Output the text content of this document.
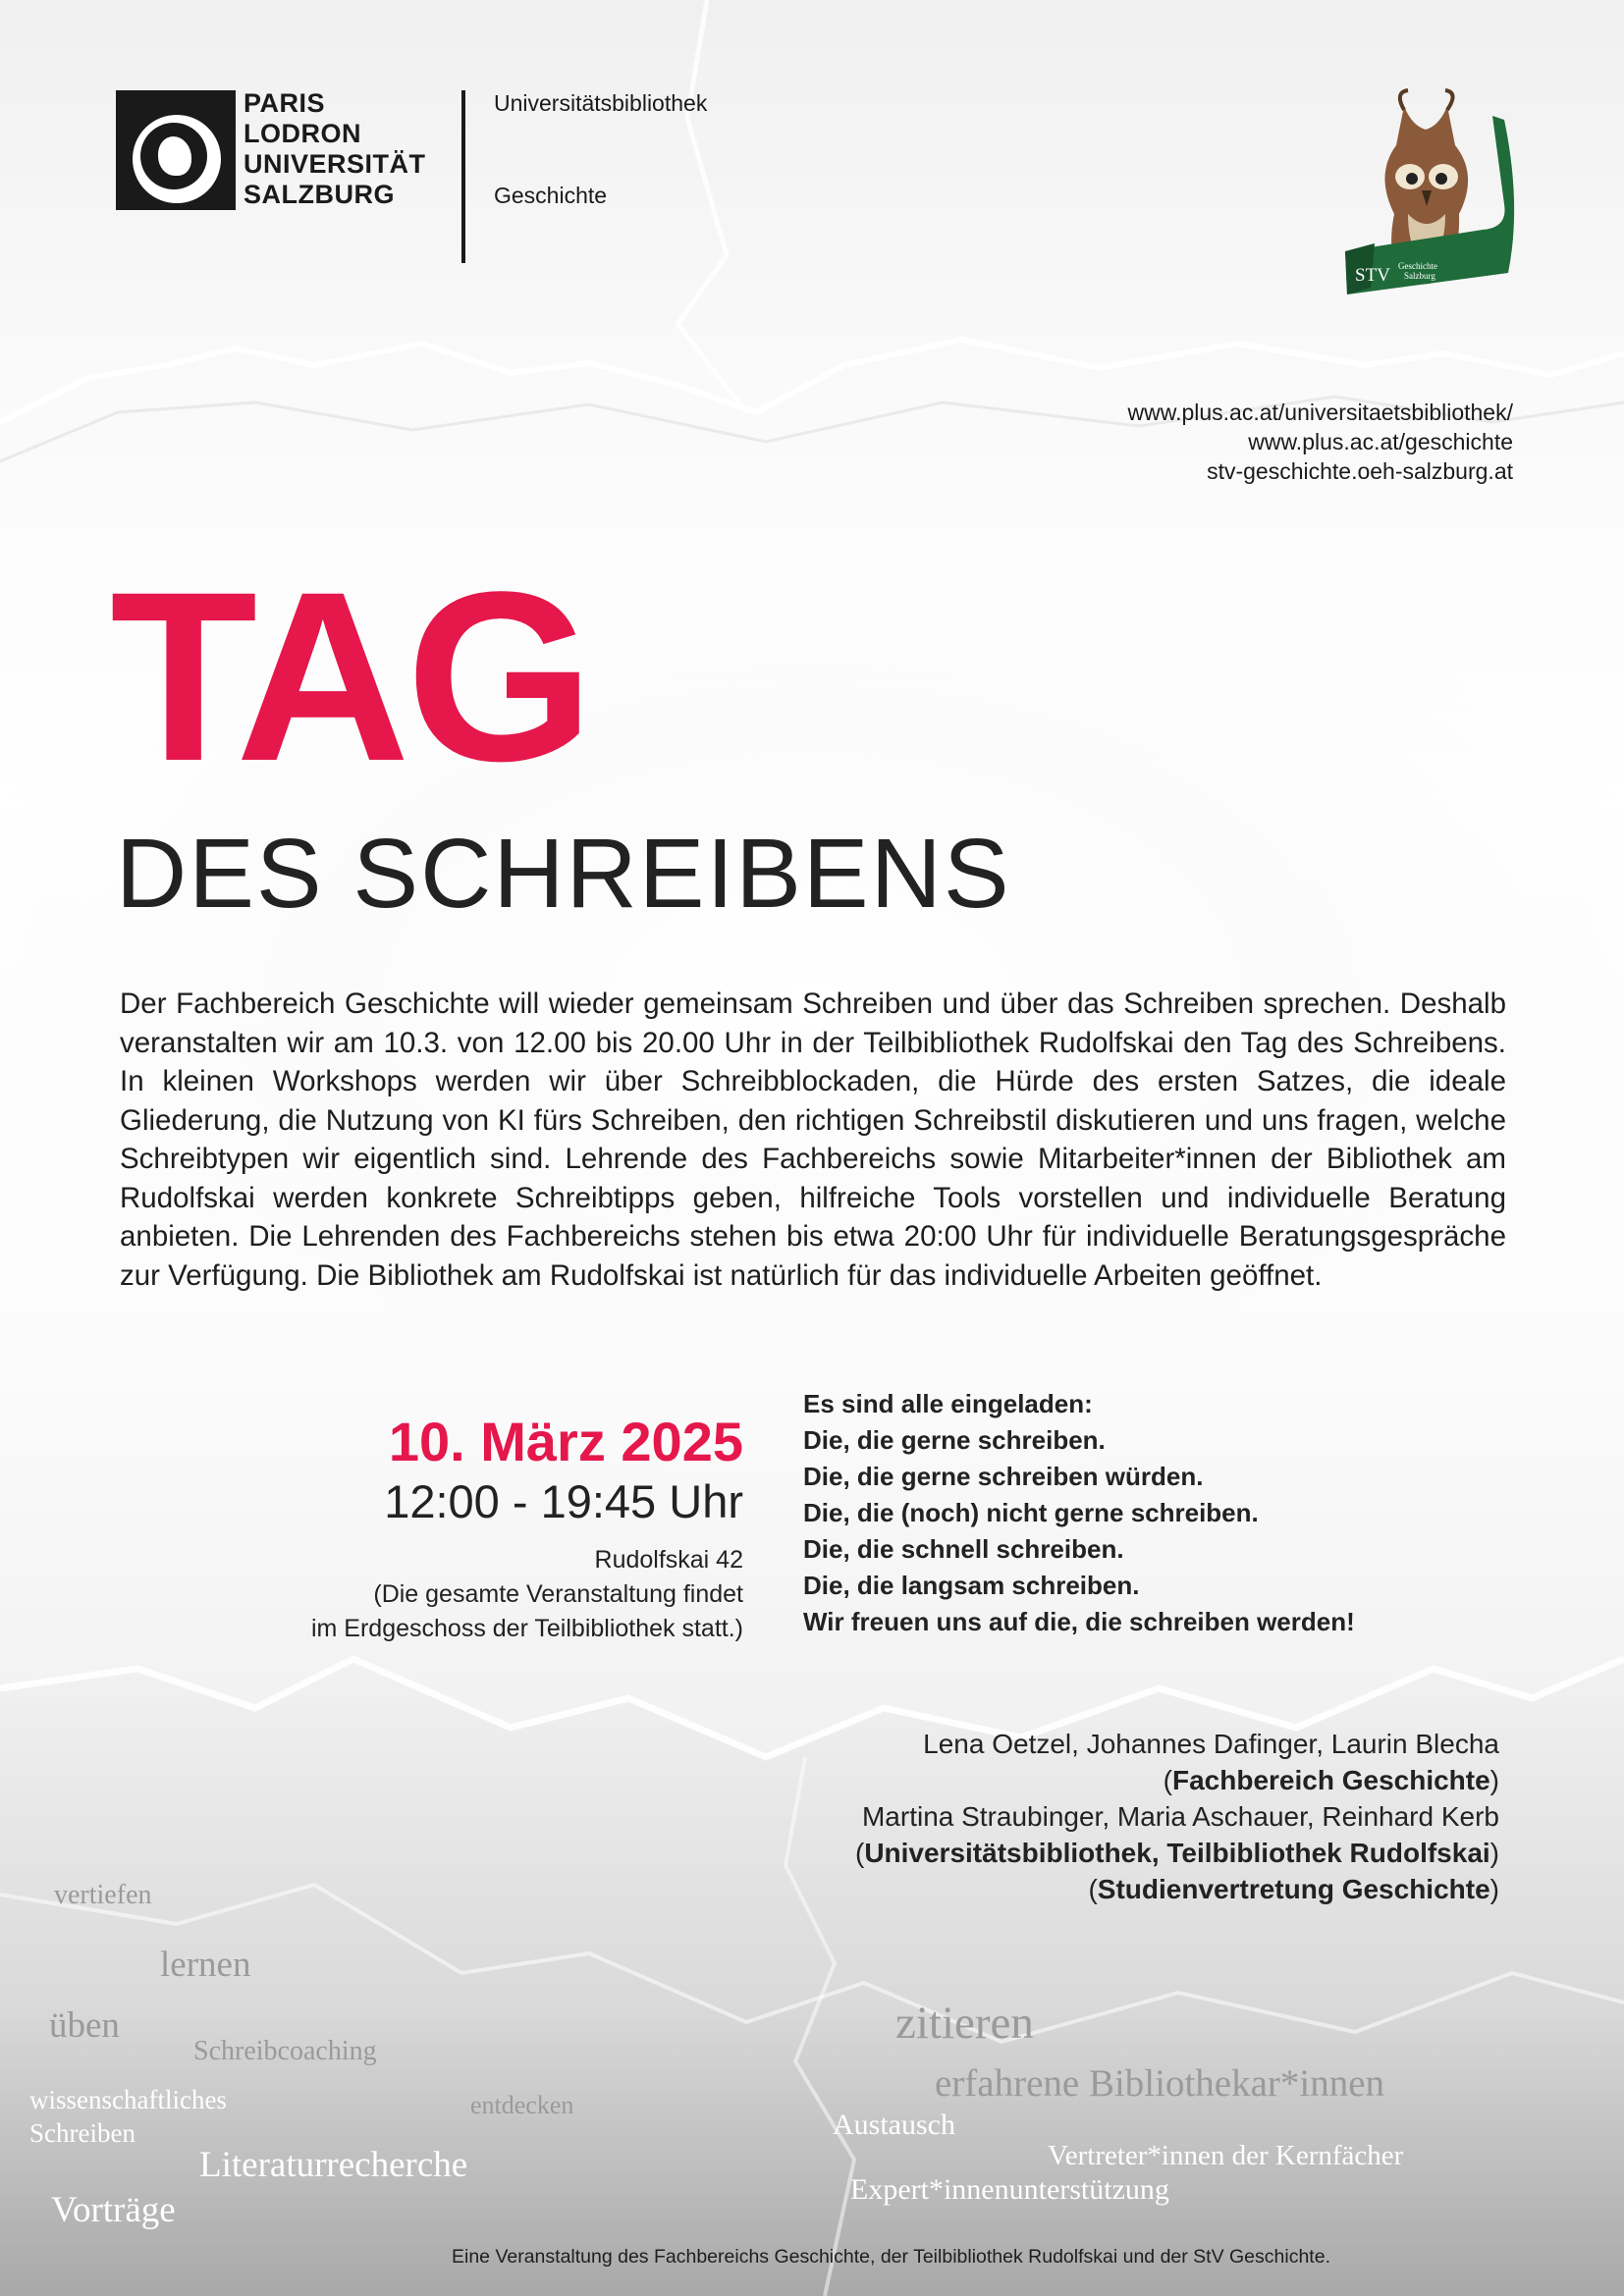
PARIS
LODRON
UNIVERSITÄT
SALZBURG
Universitätsbibliothek
Geschichte
STV Geschichte
Salzburg
www.plus.ac.at/universitaetsbibliothek/
www.plus.ac.at/geschichte
stv-geschichte.oeh-salzburg.at
TAG
DES SCHREIBENS
Der Fachbereich Geschichte will wieder gemeinsam Schreiben und über das Schreiben sprechen. Deshalb veranstalten wir am 10.3. von 12.00 bis 20.00 Uhr in der Teilbibliothek Rudolfskai den Tag des Schreibens. In kleinen Workshops werden wir über Schreibblockaden, die Hürde des ersten Satzes, die ideale Gliederung, die Nutzung von KI fürs Schreiben, den richtigen Schreibstil diskutieren und uns fragen, welche Schreibtypen wir eigentlich sind. Lehrende des Fachbereichs sowie Mitarbeiter*innen der Bibliothek am Rudolfskai werden konkrete Schreibtipps geben, hilfreiche Tools vorstellen und individuelle Beratung anbieten. Die Lehrenden des Fachbereichs stehen bis etwa 20:00 Uhr für individuelle Beratungsgespräche zur Verfügung. Die Bibliothek am Rudolfskai ist natürlich für das individuelle Arbeiten geöffnet.
10. März 2025
12:00 - 19:45 Uhr
Rudolfskai 42
(Die gesamte Veranstaltung findet
im Erdgeschoss der Teilbibliothek statt.)
Es sind alle eingeladen:
Die, die gerne schreiben.
Die, die gerne schreiben würden.
Die, die (noch) nicht gerne schreiben.
Die, die schnell schreiben.
Die, die langsam schreiben.
Wir freuen uns auf die, die schreiben werden!
Lena Oetzel, Johannes Dafinger, Laurin Blecha
(Fachbereich Geschichte)
Martina Straubinger, Maria Aschauer, Reinhard Kerb
(Universitätsbibliothek, Teilbibliothek Rudolfskai)
(Studienvertretung Geschichte)
vertiefen
lernen
üben
Schreibcoaching
wissenschaftliches
Schreiben
entdecken
Literaturrecherche
Vorträge
zitieren
erfahrene Bibliothekar*innen
Austausch
Vertreter*innen der Kernfächer
Expert*innenunterstützung
Eine Veranstaltung des Fachbereichs Geschichte, der Teilbibliothek Rudolfskai und der StV Geschichte.
